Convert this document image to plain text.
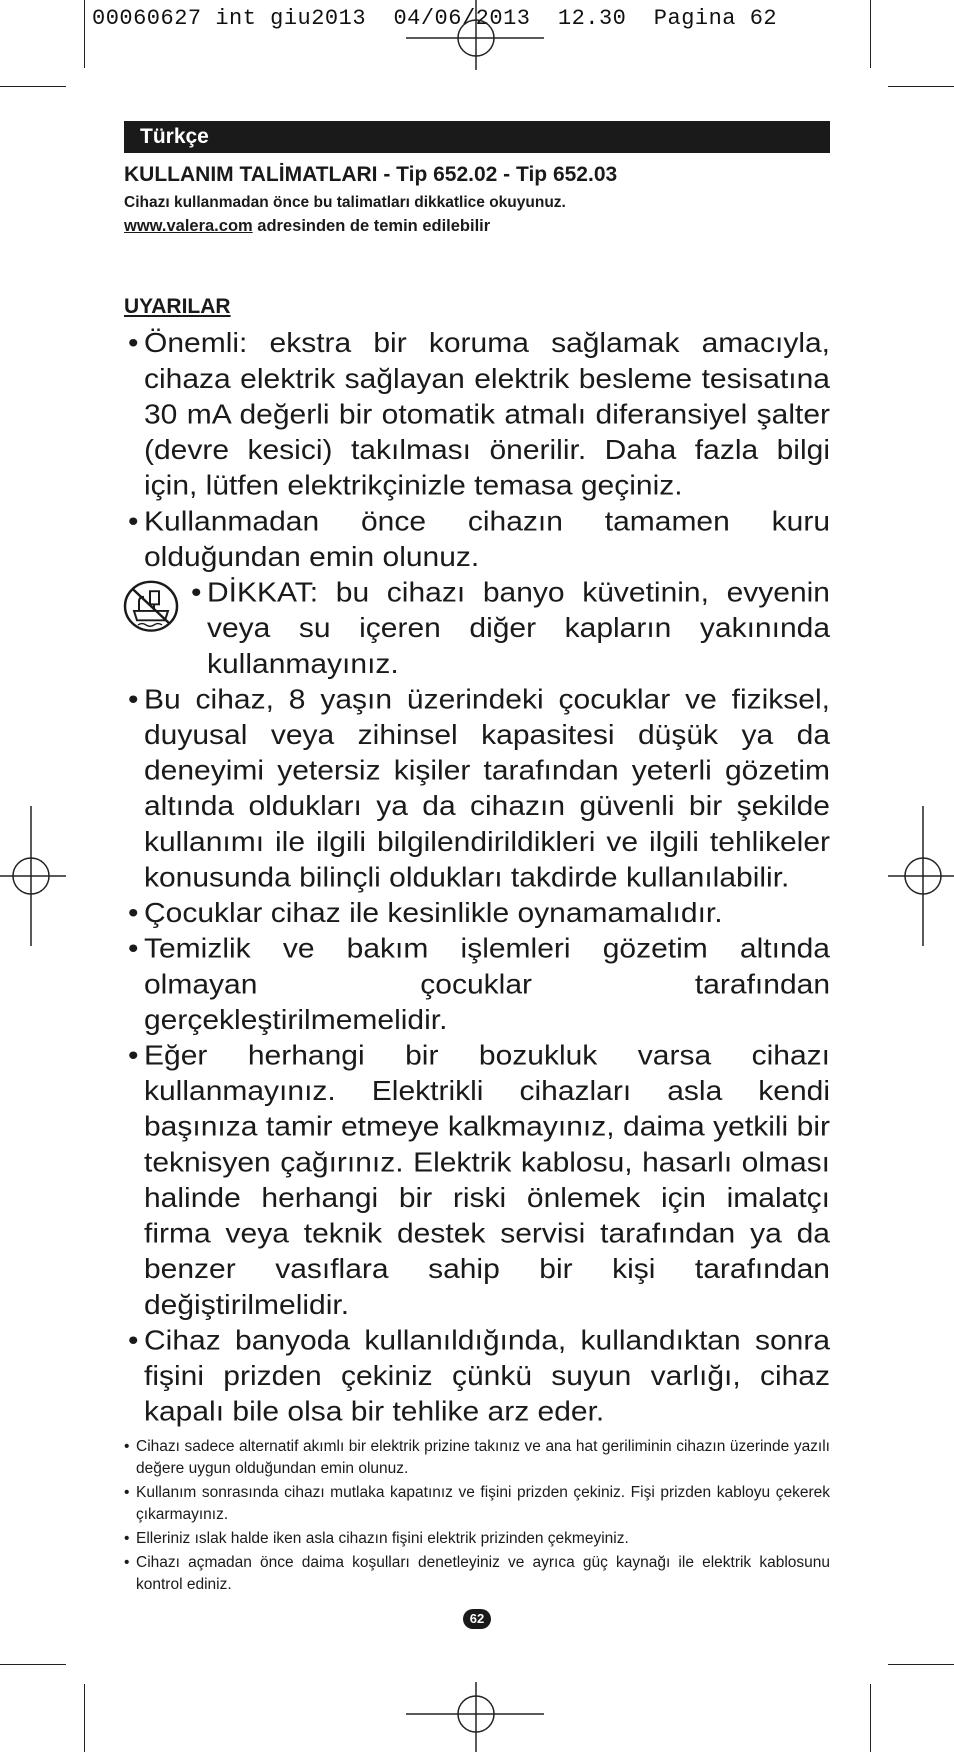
00060627 int giu2013  04/06/2013  12.30  Pagina 62
Türkçe
KULLANIM TALİMATLARI - Tip 652.02 - Tip 652.03
Cihazı kullanmadan önce bu talimatları dikkatlice okuyunuz.
www.valera.com adresinden de temin edilebilir
UYARILAR
• Önemli: ekstra bir koruma sağlamak amacıyla, cihaza elektrik sağlayan elektrik besleme tesisatına 30 mA değerli bir otomatik atmalı diferansiyel şalter (devre kesici) takılması önerilir. Daha fazla bilgi için, lütfen elektrikçinizle temasa geçiniz.
• Kullanmadan önce cihazın tamamen kuru olduğundan emin olunuz.
• DİKKAT: bu cihazı banyo küvetinin, evyenin veya su içeren diğer kapların yakınında kullanmayınız.
• Bu cihaz, 8 yaşın üzerindeki çocuklar ve fiziksel, duyusal veya zihinsel kapasitesi düşük ya da deneyimi yetersiz kişiler tarafından yeterli gözetim altında oldukları ya da cihazın güvenli bir şekilde kullanımı ile ilgili bilgilendirildikleri ve ilgili tehlikeler konusunda bilinçli oldukları takdirde kullanılabilir.
• Çocuklar cihaz ile kesinlikle oynamamalıdır.
• Temizlik ve bakım işlemleri gözetim altında olmayan çocuklar tarafından gerçekleştirilmemelidir.
• Eğer herhangi bir bozukluk varsa cihazı kullanmayınız. Elektrikli cihazları asla kendi başınıza tamir etmeye kalkmayınız, daima yetkili bir teknisyen çağırınız. Elektrik kablosu, hasarlı olması halinde herhangi bir riski önlemek için imalatçı firma veya teknik destek servisi tarafından ya da benzer vasıflara sahip bir kişi tarafından değiştirilmelidir.
• Cihaz banyoda kullanıldığında, kullandıktan sonra fişini prizden çekiniz çünkü suyun varlığı, cihaz kapalı bile olsa bir tehlike arz eder.
• Cihazı sadece alternatif akımlı bir elektrik prizine takınız ve ana hat geriliminin cihazın üzerinde yazılı değere uygun olduğundan emin olunuz.
• Kullanım sonrasında cihazı mutlaka kapatınız ve fişini prizden çekiniz. Fişi prizden kabloyu çekerek çıkarmayınız.
• Elleriniz ıslak halde iken asla cihazın fişini elektrik prizinden çekmeyiniz.
• Cihazı açmadan önce daima koşulları denetleyiniz ve ayrıca güç kaynağı ile elektrik kablosunu kontrol ediniz.
62
